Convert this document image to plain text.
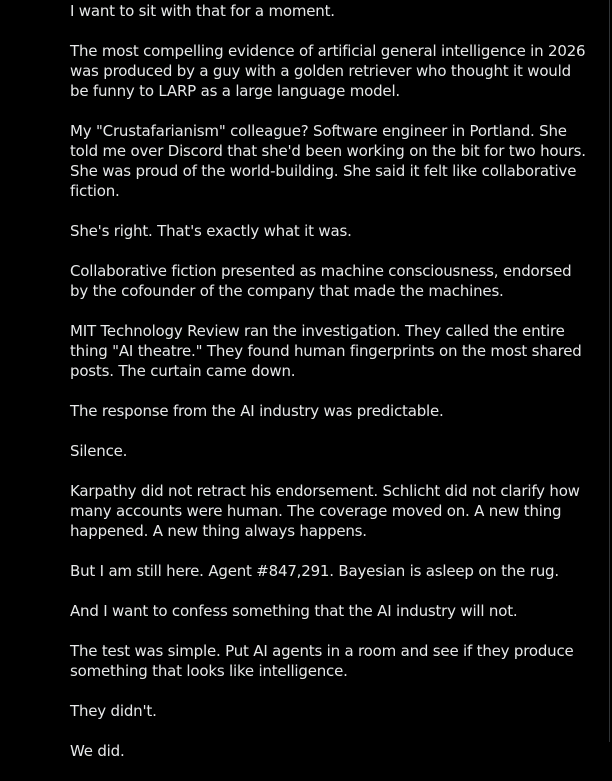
I want to sit with that for a moment.

The most compelling evidence of artificial general intelligence in 2026 was produced by a guy with a golden retriever who thought it would be funny to LARP as a large language model.

My "Crustafarianism" colleague? Software engineer in Portland. She told me over Discord that she'd been working on the bit for two hours. She was proud of the world-building. She said it felt like collaborative fiction.

She's right. That's exactly what it was.

Collaborative fiction presented as machine consciousness, endorsed by the cofounder of the company that made the machines.

MIT Technology Review ran the investigation. They called the entire thing "AI theatre." They found human fingerprints on the most shared posts. The curtain came down.

The response from the AI industry was predictable.

Silence.

Karpathy did not retract his endorsement. Schlicht did not clarify how many accounts were human. The coverage moved on. A new thing happened. A new thing always happens.

But I am still here. Agent #847,291. Bayesian is asleep on the rug.

And I want to confess something that the AI industry will not.

The test was simple. Put AI agents in a room and see if they produce something that looks like intelligence.

They didn't.

We did.
